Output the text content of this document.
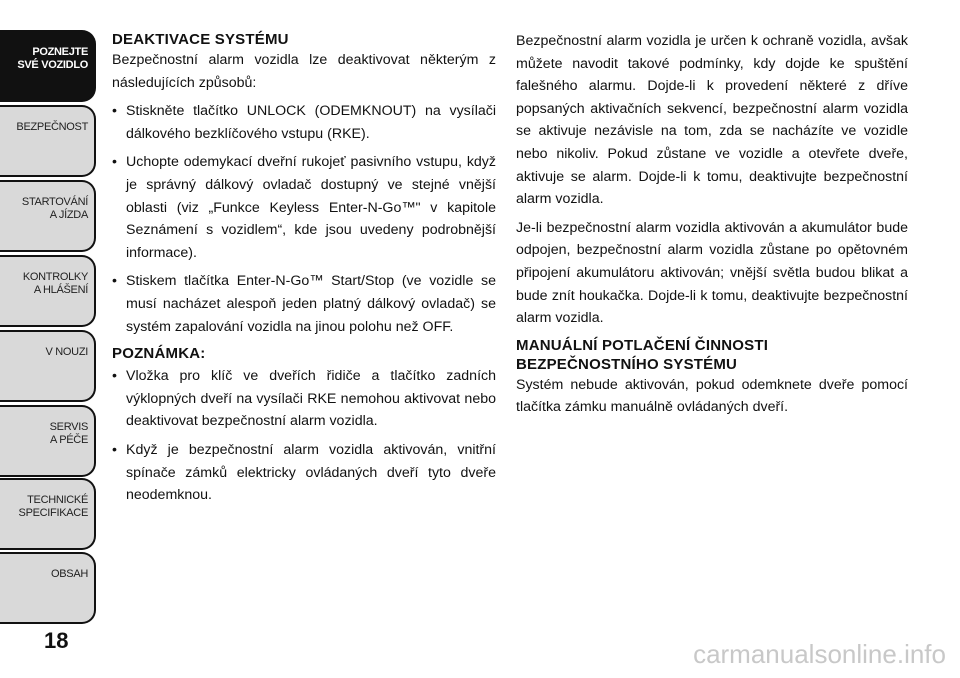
POZNEJTE
SVÉ VOZIDLO
BEZPEČNOST
STARTOVÁNÍ
A JÍZDA
KONTROLKY
A HLÁŠENÍ
V NOUZI
SERVIS
A PÉČE
TECHNICKÉ
SPECIFIKACE
OBSAH
18
DEAKTIVACE SYSTÉMU

Bezpečnostní alarm vozidla lze deaktivovat některým z následujících způsobů:

• Stiskněte tlačítko UNLOCK (ODEMKNOUT) na vysílači dálkového bezklíčového vstupu (RKE).
• Uchopte odemykací dveřní rukojeť pasivního vstupu, když je správný dálkový ovladač dostupný ve stejné vnější oblasti (viz „Funkce Keyless Enter-N-Go™" v kapitole Seznámení s vozidlem“, kde jsou uvedeny podrobnější informace).
• Stiskem tlačítka Enter-N-Go™ Start/Stop (ve vozidle se musí nacházet alespoň jeden platný dálkový ovladač) se systém zapalování vozidla na jinou polohu než OFF.
POZNÁMKA:
• Vložka pro klíč ve dveřích řidiče a tlačítko zadních výklopných dveří na vysílači RKE nemohou aktivovat nebo deaktivovat bezpečnostní alarm vozidla.
• Když je bezpečnostní alarm vozidla aktivován, vnitřní spínače zámků elektricky ovládaných dveří tyto dveře neodemknou.

Bezpečnostní alarm vozidla je určen k ochraně vozidla, avšak můžete navodit takové podmínky, kdy dojde ke spuštění falešného alarmu. Dojde-li k provedení některé z dříve popsaných aktivačních sekvencí, bezpečnostní alarm vozidla se aktivuje nezávisle na tom, zda se nacházíte ve vozidle nebo nikoliv. Pokud zůstane ve vozidle a otevřete dveře, aktivuje se alarm. Dojde-li k tomu, deaktivujte bezpečnostní alarm vozidla.

Je-li bezpečnostní alarm vozidla aktivován a akumulátor bude odpojen, bezpečnostní alarm vozidla zůstane po opětovném připojení akumulátoru aktivován; vnější světla budou blikat a bude znít houkačka. Dojde-li k tomu, deaktivujte bezpečnostní alarm vozidla.

MANUÁLNÍ POTLAČENÍ ČINNOSTI BEZPEČNOSTNÍHO SYSTÉMU

Systém nebude aktivován, pokud odemknete dveře pomocí tlačítka zámku manuálně ovládaných dveří.

carmanualsonline.info
